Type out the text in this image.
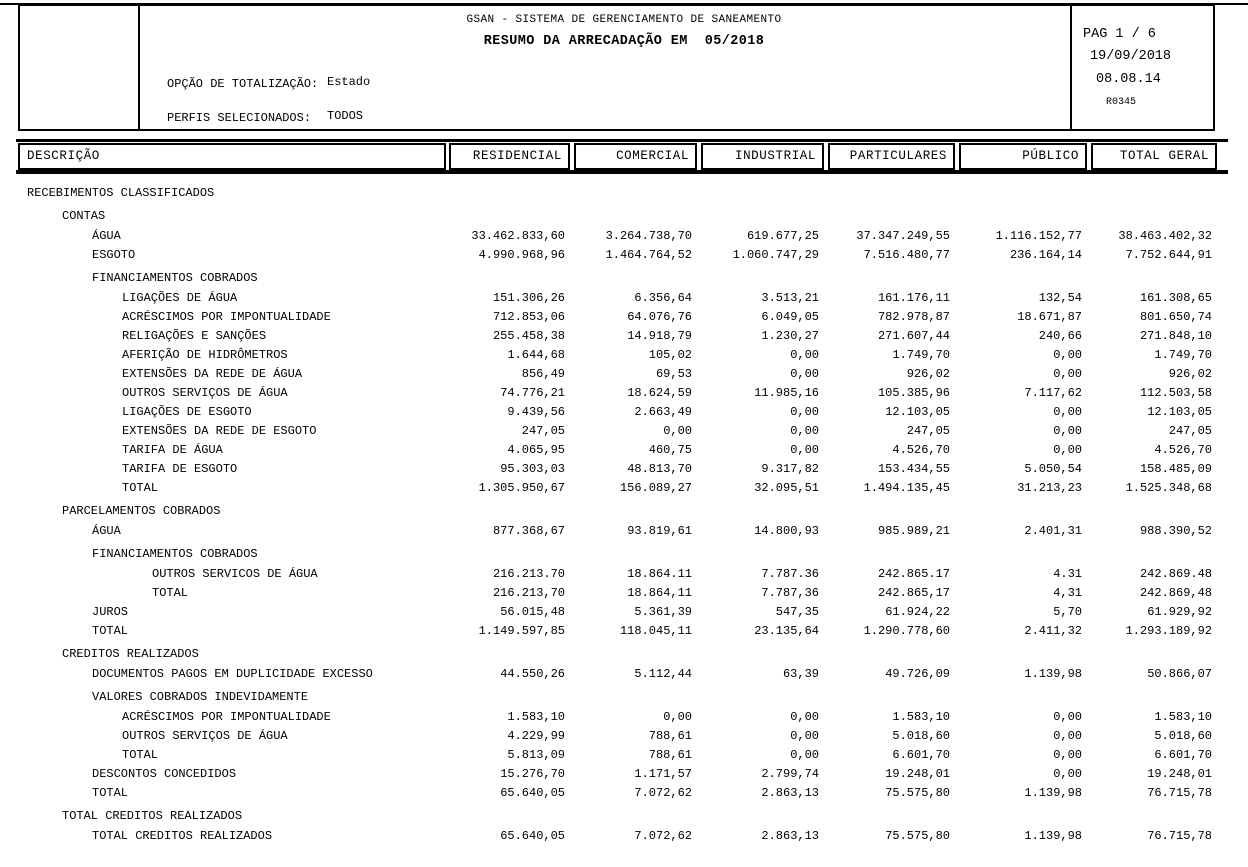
GSAN - SISTEMA DE GERENCIAMENTO DE SANEAMENTO
RESUMO DA ARRECADAÇÃO EM  05/2018
OPÇÃO DE TOTALIZAÇÃO: Estado
PERFIS SELECIONADOS: TODOS
PAG 1 / 6
19/09/2018
08.08.14
R0345
DESCRIÇÃO	RESIDENCIAL	COMERCIAL	INDUSTRIAL	PARTICULARES	PÚBLICO	TOTAL GERAL
RECEBIMENTOS CLASSIFICADOS
CONTAS
ÁGUA	33.462.833,60	3.264.738,70	619.677,25	37.347.249,55	1.116.152,77	38.463.402,32
ESGOTO	4.990.968,96	1.464.764,52	1.060.747,29	7.516.480,77	236.164,14	7.752.644,91
FINANCIAMENTOS COBRADOS
LIGAÇÕES DE ÁGUA	151.306,26	6.356,64	3.513,21	161.176,11	132,54	161.308,65
ACRÉSCIMOS POR IMPONTUALIDADE	712.853,06	64.076,76	6.049,05	782.978,87	18.671,87	801.650,74
RELIGAÇÕES E SANÇÕES	255.458,38	14.918,79	1.230,27	271.607,44	240,66	271.848,10
AFERIÇÃO DE HIDRÔMETROS	1.644,68	105,02	0,00	1.749,70	0,00	1.749,70
EXTENSÕES DA REDE DE ÁGUA	856,49	69,53	0,00	926,02	0,00	926,02
OUTROS SERVIÇOS DE ÁGUA	74.776,21	18.624,59	11.985,16	105.385,96	7.117,62	112.503,58
LIGAÇÕES DE ESGOTO	9.439,56	2.663,49	0,00	12.103,05	0,00	12.103,05
EXTENSÕES DA REDE DE ESGOTO	247,05	0,00	0,00	247,05	0,00	247,05
TARIFA DE ÁGUA	4.065,95	460,75	0,00	4.526,70	0,00	4.526,70
TARIFA DE ESGOTO	95.303,03	48.813,70	9.317,82	153.434,55	5.050,54	158.485,09
TOTAL	1.305.950,67	156.089,27	32.095,51	1.494.135,45	31.213,23	1.525.348,68
PARCELAMENTOS COBRADOS
ÁGUA	877.368,67	93.819,61	14.800,93	985.989,21	2.401,31	988.390,52
FINANCIAMENTOS COBRADOS
OUTROS SERVICOS DE ÁGUA	216.213.70	18.864.11	7.787.36	242.865.17	4.31	242.869.48
TOTAL	216.213,70	18.864,11	7.787,36	242.865,17	4,31	242.869,48
JUROS	56.015,48	5.361,39	547,35	61.924,22	5,70	61.929,92
TOTAL	1.149.597,85	118.045,11	23.135,64	1.290.778,60	2.411,32	1.293.189,92
CREDITOS REALIZADOS
DOCUMENTOS PAGOS EM DUPLICIDADE EXCESSO	44.550,26	5.112,44	63,39	49.726,09	1.139,98	50.866,07
VALORES COBRADOS INDEVIDAMENTE
ACRÉSCIMOS POR IMPONTUALIDADE	1.583,10	0,00	0,00	1.583,10	0,00	1.583,10
OUTROS SERVIÇOS DE ÁGUA	4.229,99	788,61	0,00	5.018,60	0,00	5.018,60
TOTAL	5.813,09	788,61	0,00	6.601,70	0,00	6.601,70
DESCONTOS CONCEDIDOS	15.276,70	1.171,57	2.799,74	19.248,01	0,00	19.248,01
TOTAL	65.640,05	7.072,62	2.863,13	75.575,80	1.139,98	76.715,78
TOTAL CREDITOS REALIZADOS
TOTAL CREDITOS REALIZADOS	65.640,05	7.072,62	2.863,13	75.575,80	1.139,98	76.715,78
